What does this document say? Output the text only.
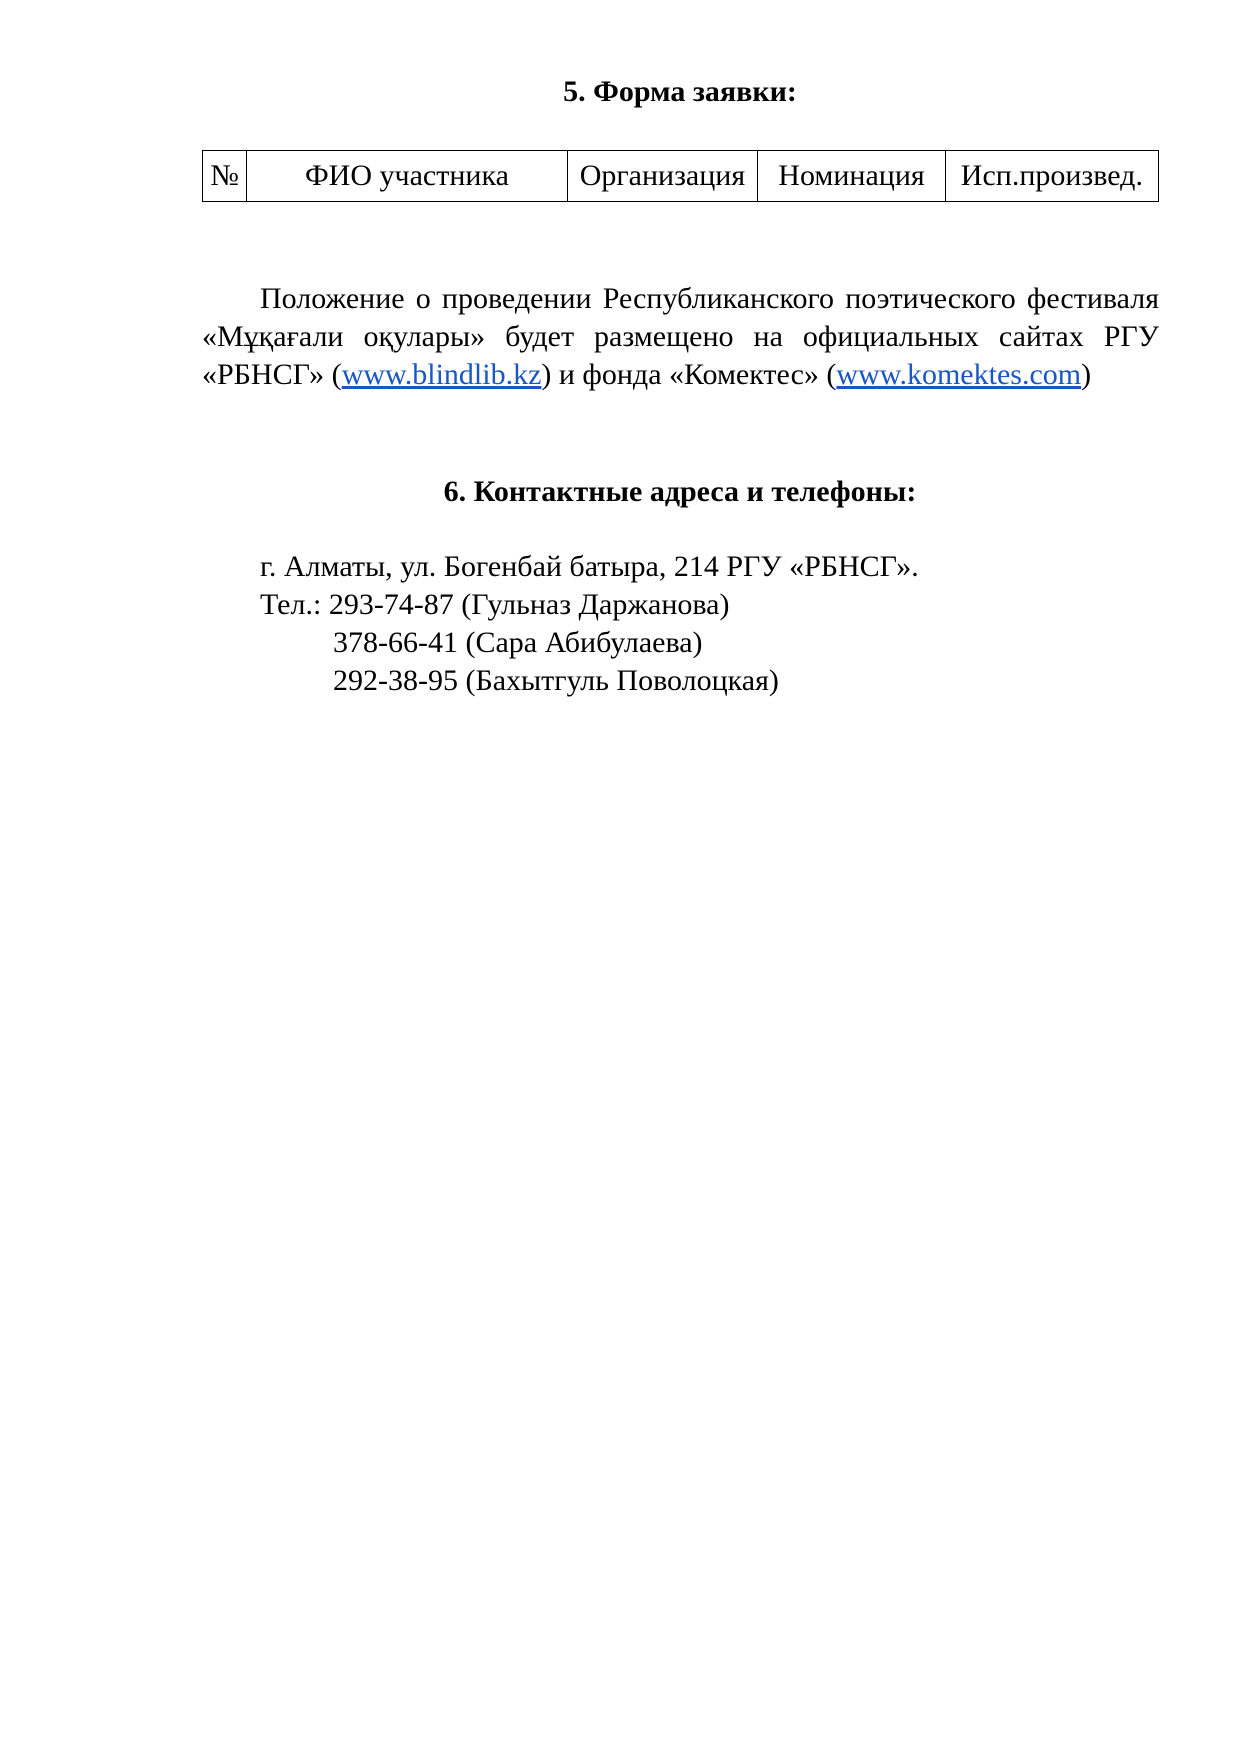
5. Форма заявки:
№	ФИО участника	Организация	Номинация	Исп.произвед.

Положение о проведении Республиканского поэтического фестиваля «Мұқағали оқулары» будет размещено на официальных сайтах РГУ «РБНСГ» (www.blindlib.kz) и фонда «Комектес» (www.komektes.com)

6. Контактные адреса и телефоны:
г. Алматы, ул. Богенбай батыра, 214 РГУ «РБНСГ».
Тел.: 293-74-87 (Гульназ Даржанова)
378-66-41 (Сара Абибулаева)
292-38-95 (Бахытгуль Поволоцкая)
